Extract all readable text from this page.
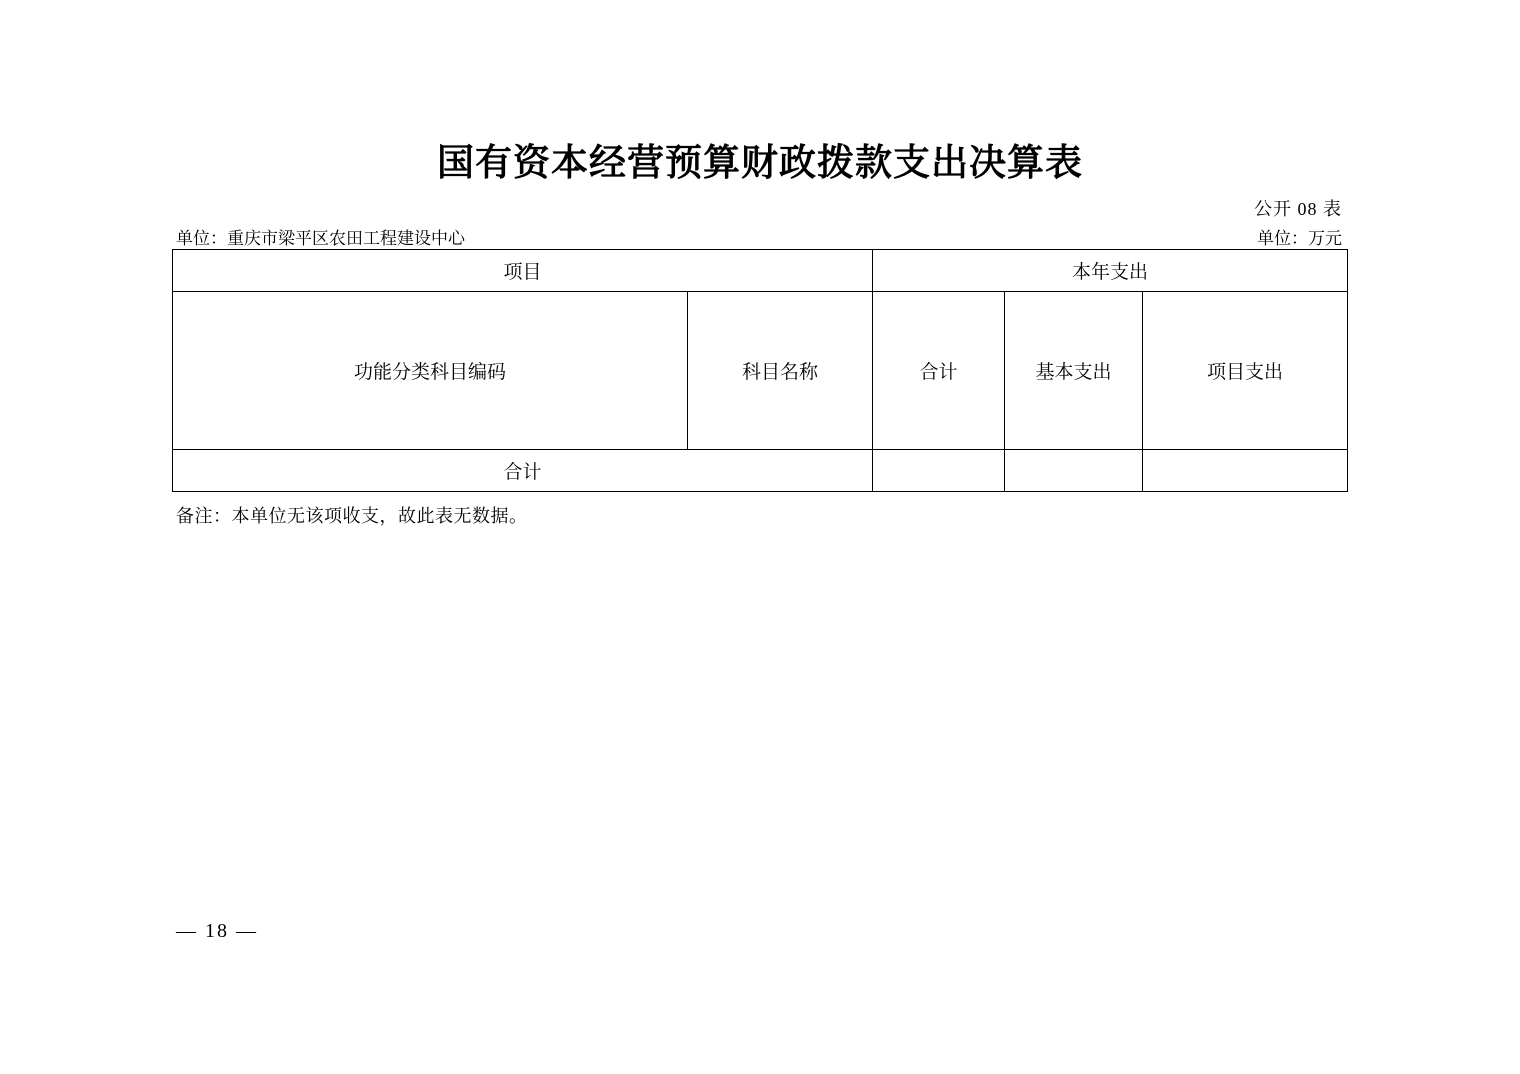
国有资本经营预算财政拨款支出决算表
公开 08 表
单位：重庆市梁平区农田工程建设中心	单位：万元
项目		本年支出		
功能分类科目编码	科目名称	合计	基本支出	项目支出
合计				
备注：本单位无该项收支，故此表无数据。
— 18 —
